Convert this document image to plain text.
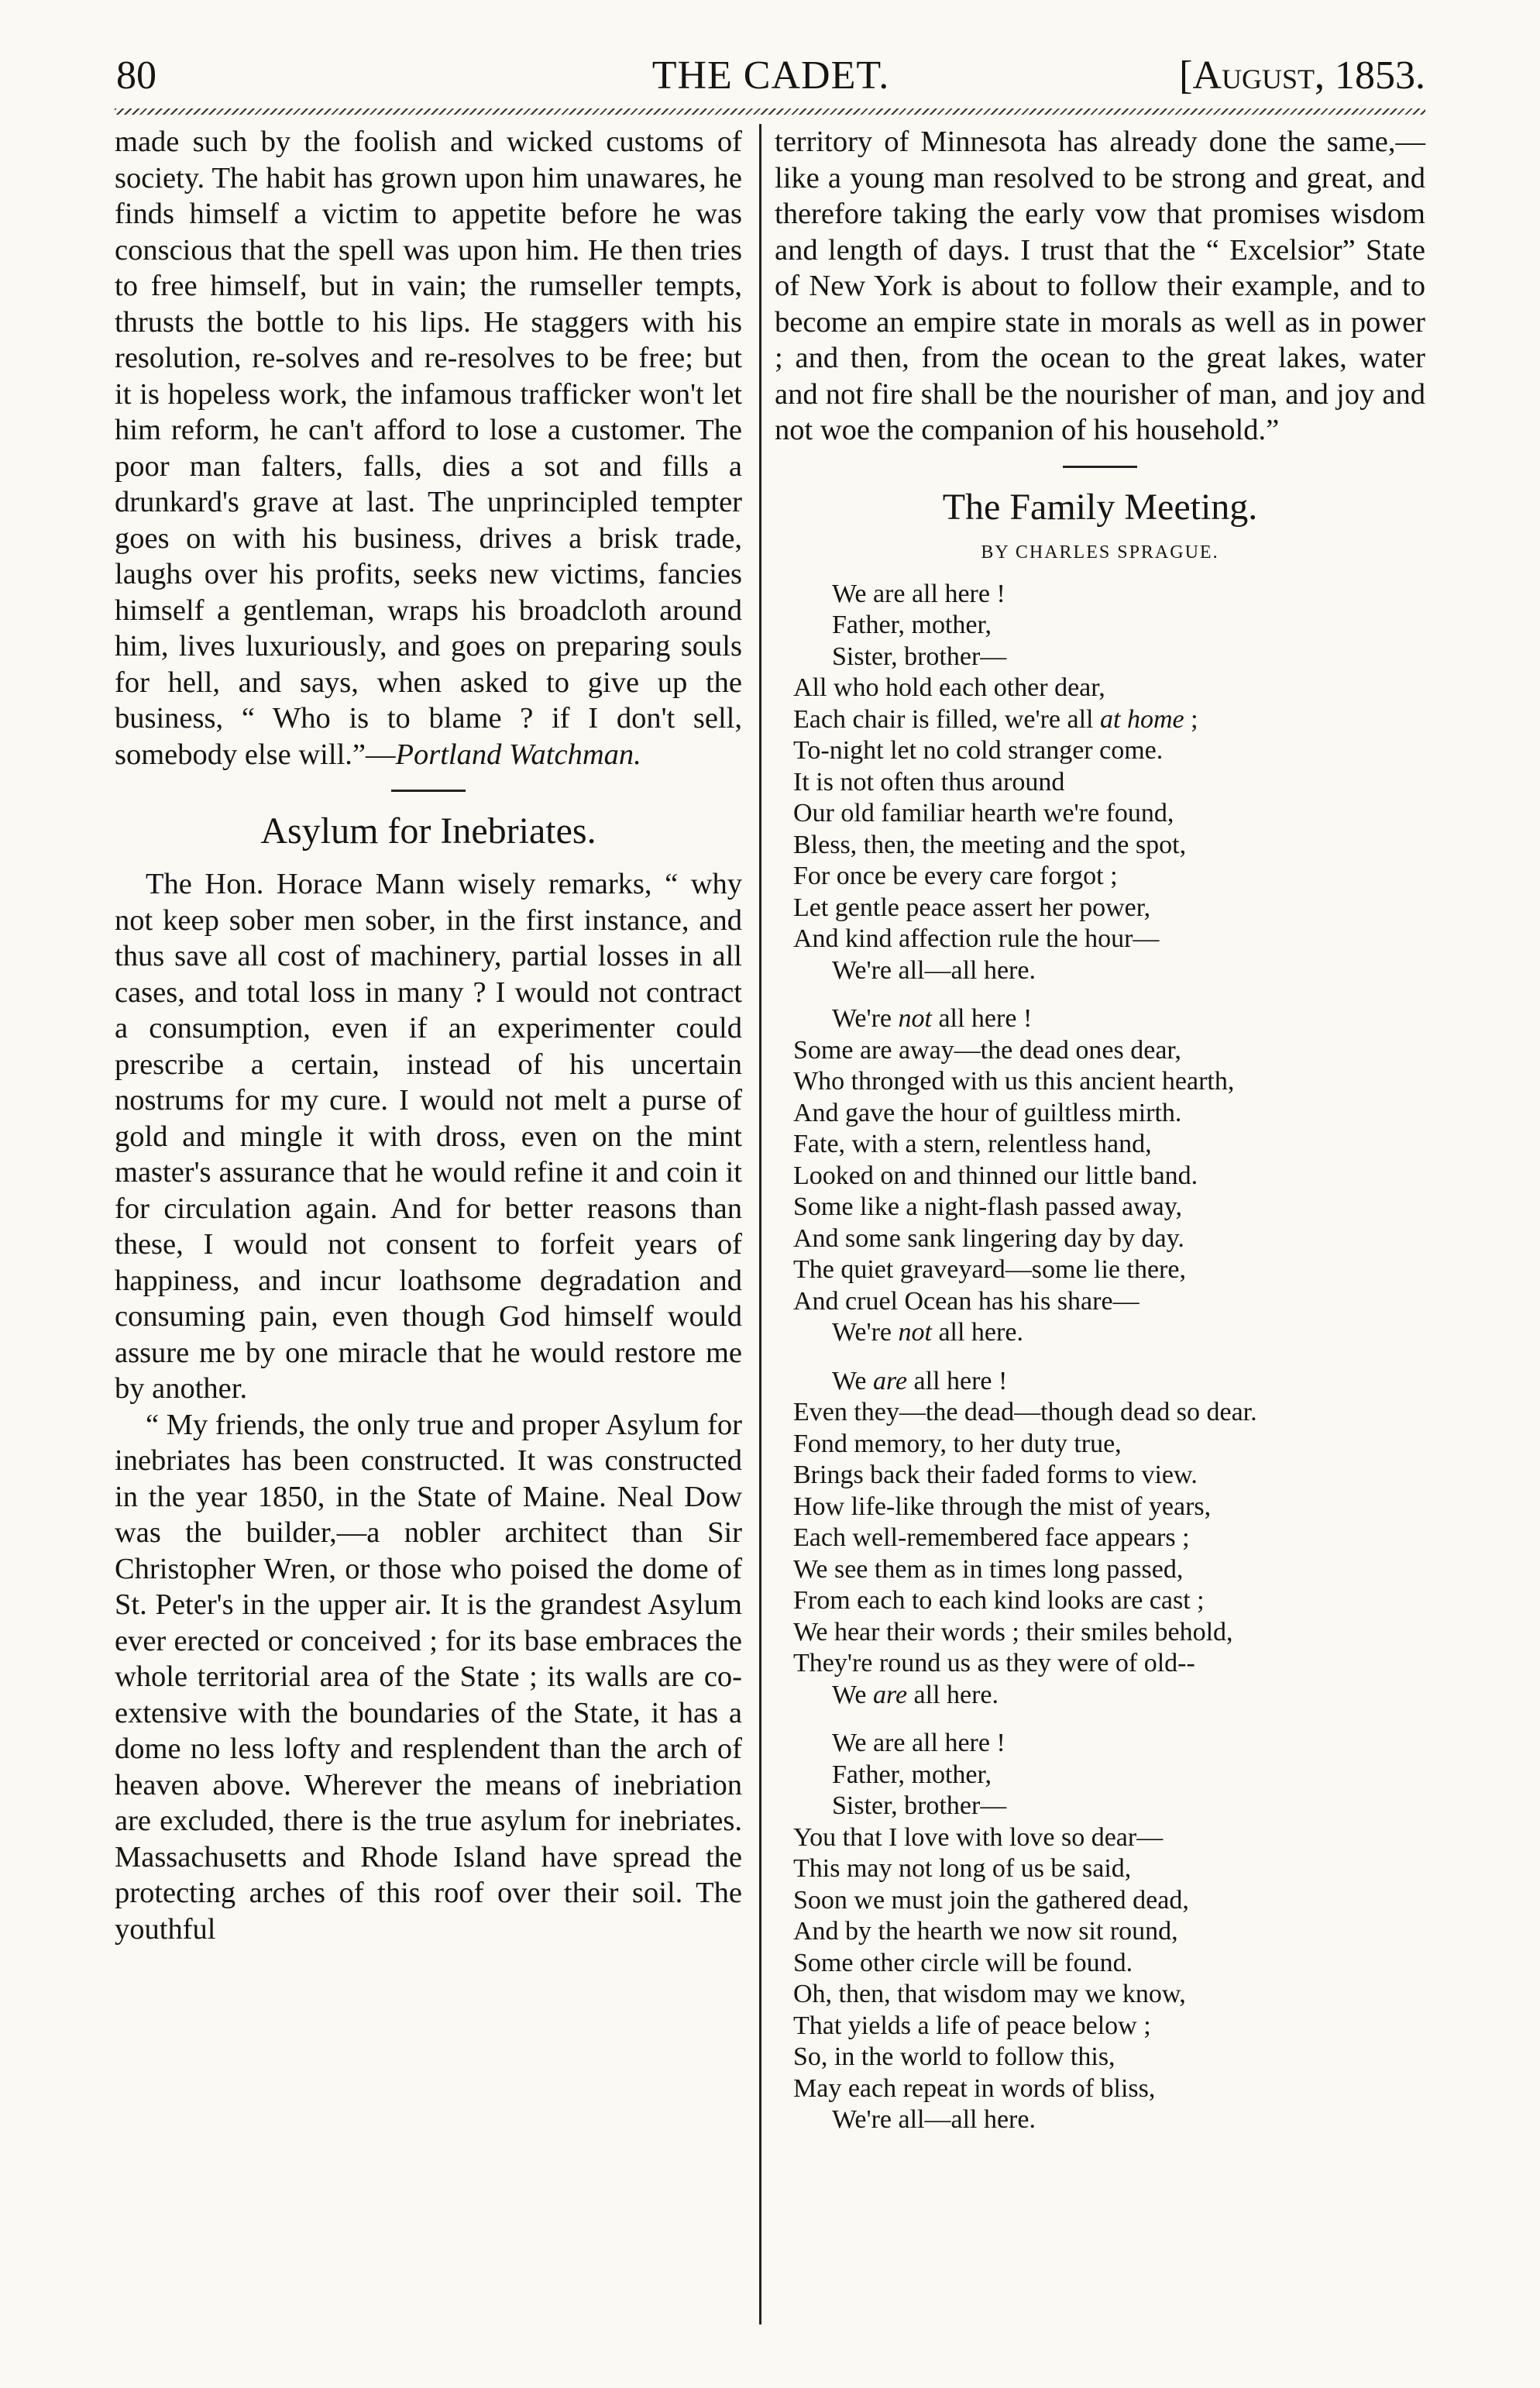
80	THE CADET.	[August, 1853.

made such by the foolish and wicked customs of society. The habit has grown upon him unawares, he finds himself a victim to appetite before he was conscious that the spell was upon him. He then tries to free himself, but in vain; the rumseller tempts, thrusts the bottle to his lips. He staggers with his resolution, re-solves and re-resolves to be free; but it is hopeless work, the infamous trafficker won't let him reform, he can't afford to lose a customer. The poor man falters, falls, dies a sot and fills a drunkard's grave at last. The unprincipled tempter goes on with his business, drives a brisk trade, laughs over his profits, seeks new victims, fancies himself a gentleman, wraps his broadcloth around him, lives luxuriously, and goes on preparing souls for hell, and says, when asked to give up the business, “ Who is to blame ? if I don't sell, somebody else will.”—Portland Watchman.

Asylum for Inebriates.

The Hon. Horace Mann wisely remarks, “ why not keep sober men sober, in the first instance, and thus save all cost of machinery, partial losses in all cases, and total loss in many ? I would not contract a consumption, even if an experimenter could prescribe a certain, instead of his uncertain nostrums for my cure. I would not melt a purse of gold and mingle it with dross, even on the mint master's assurance that he would refine it and coin it for circulation again. And for better reasons than these, I would not consent to forfeit years of happiness, and incur loathsome degradation and consuming pain, even though God himself would assure me by one miracle that he would restore me by another.

“ My friends, the only true and proper Asylum for inebriates has been constructed. It was constructed in the year 1850, in the State of Maine. Neal Dow was the builder,—a nobler architect than Sir Christopher Wren, or those who poised the dome of St. Peter's in the upper air. It is the grandest Asylum ever erected or conceived ; for its base embraces the whole territorial area of the State ; its walls are co-extensive with the boundaries of the State, it has a dome no less lofty and resplendent than the arch of heaven above. Wherever the means of inebriation are excluded, there is the true asylum for inebriates. Massachusetts and Rhode Island have spread the protecting arches of this roof over their soil. The youthful

territory of Minnesota has already done the same,—like a young man resolved to be strong and great, and therefore taking the early vow that promises wisdom and length of days. I trust that the “ Excelsior” State of New York is about to follow their example, and to become an empire state in morals as well as in power ; and then, from the ocean to the great lakes, water and not fire shall be the nourisher of man, and joy and not woe the companion of his household.”

The Family Meeting.
BY CHARLES SPRAGUE.
We are all here !
Father, mother,
Sister, brother—
All who hold each other dear,
Each chair is filled, we're all at home ;
To-night let no cold stranger come.
It is not often thus around
Our old familiar hearth we're found,
Bless, then, the meeting and the spot,
For once be every care forgot ;
Let gentle peace assert her power,
And kind affection rule the hour—
We're all—all here.
We're not all here !
Some are away—the dead ones dear,
Who thronged with us this ancient hearth,
And gave the hour of guiltless mirth.
Fate, with a stern, relentless hand,
Looked on and thinned our little band.
Some like a night-flash passed away,
And some sank lingering day by day.
The quiet graveyard—some lie there,
And cruel Ocean has his share—
We're not all here.
We are all here !
Even they—the dead—though dead so dear.
Fond memory, to her duty true,
Brings back their faded forms to view.
How life-like through the mist of years,
Each well-remembered face appears ;
We see them as in times long passed,
From each to each kind looks are cast ;
We hear their words ; their smiles behold,
They're round us as they were of old--
We are all here.
We are all here !
Father, mother,
Sister, brother—
You that I love with love so dear—
This may not long of us be said,
Soon we must join the gathered dead,
And by the hearth we now sit round,
Some other circle will be found.
Oh, then, that wisdom may we know,
That yields a life of peace below ;
So, in the world to follow this,
May each repeat in words of bliss,
We're all—all here.
